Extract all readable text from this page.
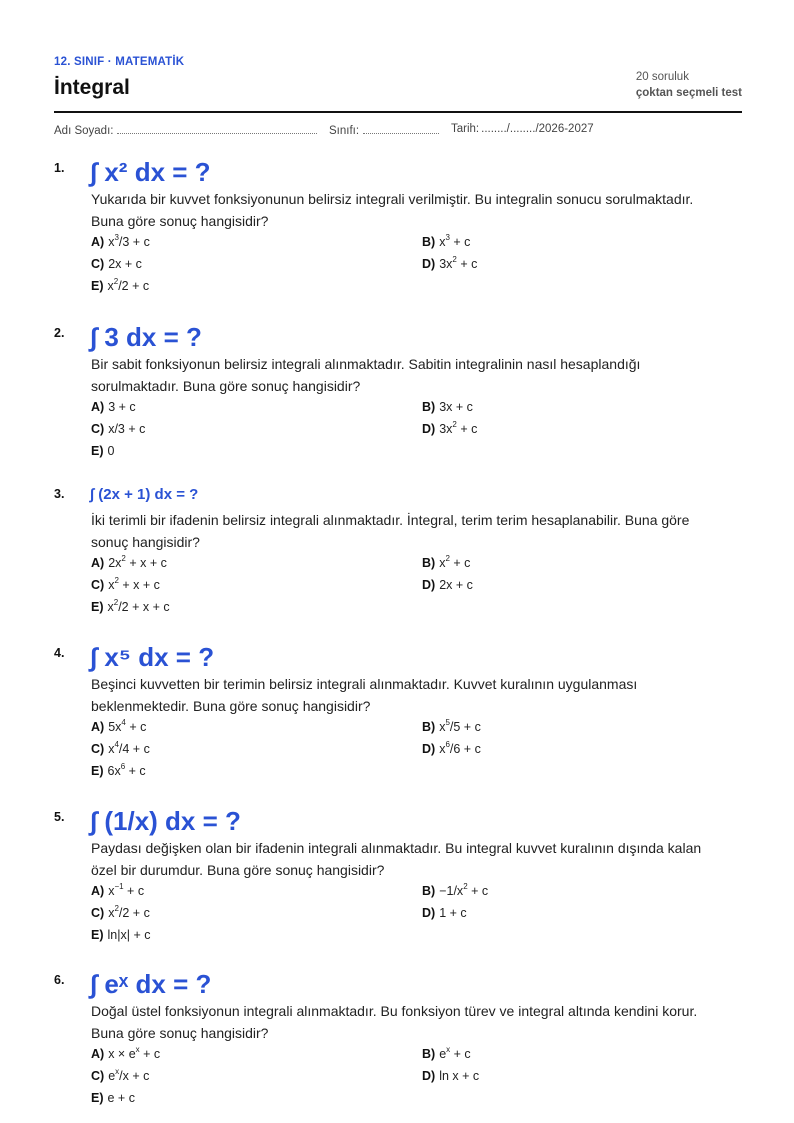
12. SINIF · MATEMATİK
İntegral	20 soruluk
çoktan seçmeli test
Adı Soyadı:	Sınıfı:	Tarih: ......../......../2026-2027
1. ∫ x² dx = ?
Yukarıda bir kuvvet fonksiyonunun belirsiz integrali verilmiştir. Bu integralin sonucu sorulmaktadır.
Buna göre sonuç hangisidir?
A) $x^3/3 + c$	B) $x^3 + c$
C) 2x + c	D) $3x^2 + c$
E) $x^2/2 + c$
2. ∫ 3 dx = ?
Bir sabit fonksiyonun belirsiz integrali alınmaktadır. Sabitin integralinin nasıl hesaplandığı
sorulmaktadır. Buna göre sonuç hangisidir?
A) 3 + c	B) 3x + c
C) x/3 + c	D) $3x^2 + c$
E) 0
3. ∫ (2x + 1) dx = ?
İki terimli bir ifadenin belirsiz integrali alınmaktadır. İntegral, terim terim hesaplanabilir. Buna göre
sonuç hangisidir?
A) $2x^2 + x + c$	B) $x^2 + c$
C) $x^2 + x + c$	D) 2x + c
E) $x^2/2 + x + c$
4. ∫ x⁵ dx = ?
Beşinci kuvvetten bir terimin belirsiz integrali alınmaktadır. Kuvvet kuralının uygulanması
beklenmektedir. Buna göre sonuç hangisidir?
A) $5x^4 + c$	B) $x^5/5 + c$
C) $x^4/4 + c$	D) $x^6/6 + c$
E) $6x^6 + c$
5. ∫ (1/x) dx = ?
Paydası değişken olan bir ifadenin integrali alınmaktadır. Bu integral kuvvet kuralının dışında kalan
özel bir durumdur. Buna göre sonuç hangisidir?
A) $x^{-1} + c$	$B) -1/x^2 + c$
C) $x^2/2 + c$	D) 1 + c
E) ln|x| + c
6. ∫ eˣ dx = ?
Doğal üstel fonksiyonun integrali alınmaktadır. Bu fonksiyon türev ve integral altında kendini korur.
Buna göre sonuç hangisidir?
A) $x \times e^x + c$	B) $e^x + c$
C) $e^x/x + c$	D) ln x + c
E) e + c
